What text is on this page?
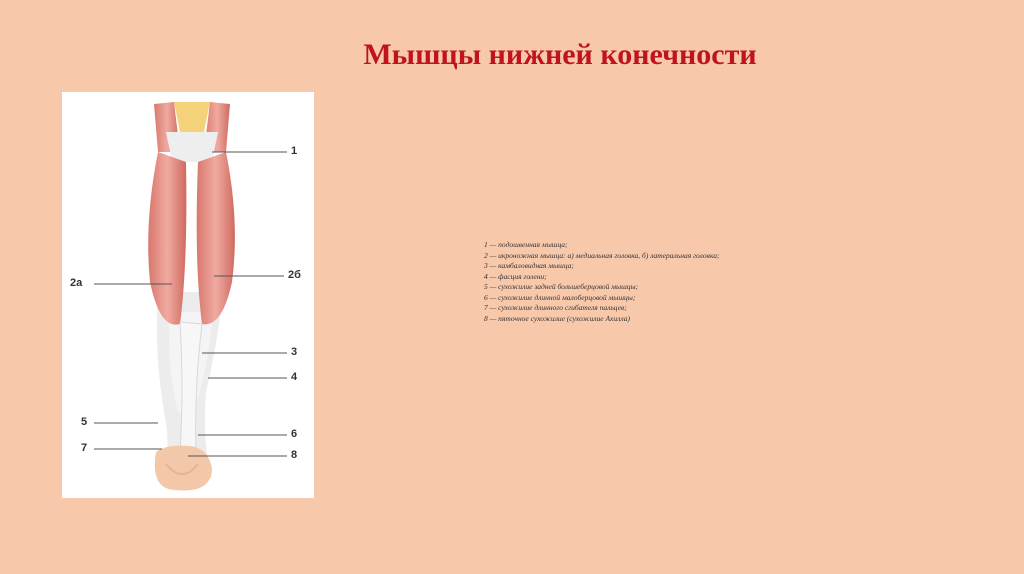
Мышцы нижней конечности
1
2а
2б
3
4
5
6
7
8
1 — подошвенная мышца;
2 — икроножная мышца: а) медиальная головка, б) латеральная головка;
3 — камбаловидная мышца;
4 — фасция голени;
5 — сухожилие задней большеберцовой мышцы;
6 — сухожилие длинной малоберцовой мышцы;
7 — сухожилие длинного сгибателя пальцев;
8 — пяточное сухожилие (сухожилие Ахилла)
